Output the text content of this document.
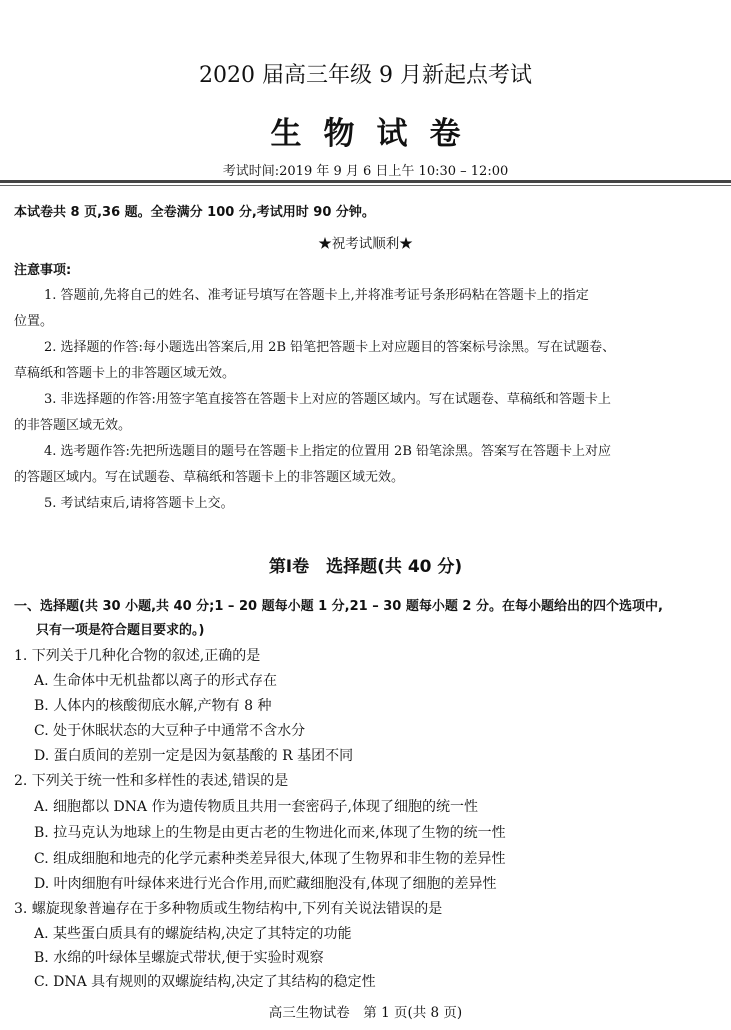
2020 届高三年级 9 月新起点考试
生物试卷
考试时间:2019 年 9 月 6 日上午 10:30 – 12:00
本试卷共 8 页,36 题。全卷满分 100 分,考试用时 90 分钟。
★祝考试顺利★
注意事项:
1. 答题前,先将自己的姓名、准考证号填写在答题卡上,并将准考证号条形码粘在答题卡上的指定
位置。
2. 选择题的作答:每小题选出答案后,用 2B 铅笔把答题卡上对应题目的答案标号涂黑。写在试题卷、
草稿纸和答题卡上的非答题区域无效。
3. 非选择题的作答:用签字笔直接答在答题卡上对应的答题区域内。写在试题卷、草稿纸和答题卡上
的非答题区域无效。
4. 选考题作答:先把所选题目的题号在答题卡上指定的位置用 2B 铅笔涂黑。答案写在答题卡上对应
的答题区域内。写在试题卷、草稿纸和答题卡上的非答题区域无效。
5. 考试结束后,请将答题卡上交。
第Ⅰ卷　选择题(共 40 分)
一、选择题(共 30 小题,共 40 分;1 – 20 题每小题 1 分,21 – 30 题每小题 2 分。在每小题给出的四个选项中,
只有一项是符合题目要求的。)
1. 下列关于几种化合物的叙述,正确的是
A. 生命体中无机盐都以离子的形式存在
B. 人体内的核酸彻底水解,产物有 8 种
C. 处于休眠状态的大豆种子中通常不含水分
D. 蛋白质间的差别一定是因为氨基酸的 R 基团不同
2. 下列关于统一性和多样性的表述,错误的是
A. 细胞都以 DNA 作为遗传物质且共用一套密码子,体现了细胞的统一性
B. 拉马克认为地球上的生物是由更古老的生物进化而来,体现了生物的统一性
C. 组成细胞和地壳的化学元素种类差异很大,体现了生物界和非生物的差异性
D. 叶肉细胞有叶绿体来进行光合作用,而贮藏细胞没有,体现了细胞的差异性
3. 螺旋现象普遍存在于多种物质或生物结构中,下列有关说法错误的是
A. 某些蛋白质具有的螺旋结构,决定了其特定的功能
B. 水绵的叶绿体呈螺旋式带状,便于实验时观察
C. DNA 具有规则的双螺旋结构,决定了其结构的稳定性
高三生物试卷　第 1 页(共 8 页)
